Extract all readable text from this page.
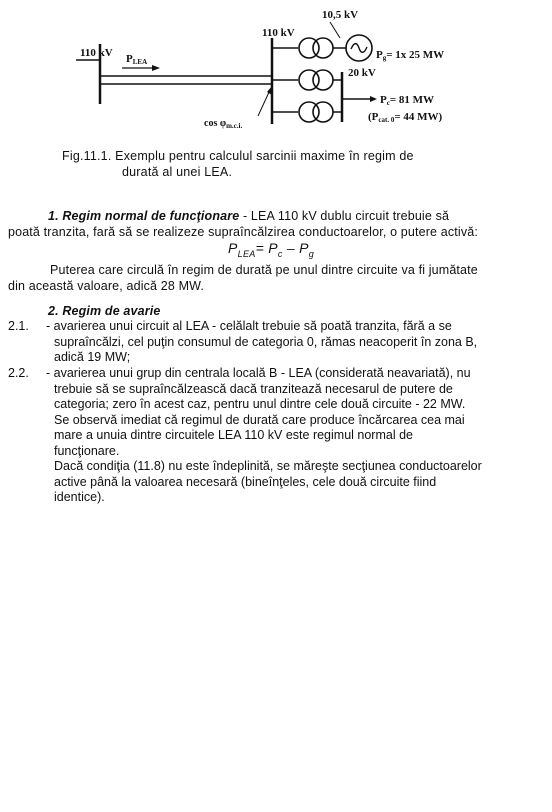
110 kV PLEA
110 kV
10,5 kV
Pg= 1x 25 MW
20 kV
Pc= 81 MW
(Pcat. 0= 44 MW)
$\cos \varphi_{m.c.i.}$
Fig.11.1. Exemplu pentru calculul sarcinii maxime în regim de
durată al unei LEA.
1. Regim normal de funcţionare - LEA 110 kV dublu circuit trebuie să
poată tranzita, fară să se realizeze supraîncălzirea conductoarelor, o putere activă:
$P_{LEA}= P_c - P_g$
Puterea care circulă în regim de durată pe unul dintre circuite va fi jumătate
din această valoare, adică 28 MW.
2. Regim de avarie
2.1. - avarierea unui circuit al LEA - celălalt trebuie să poată tranzita, fără a se
supraîncălzi, cel puţin consumul de categoria 0, rămas neacoperit în zona B,
adică 19 MW;
2.2. - avarierea unui grup din centrala locală B - LEA (considerată neavariată), nu
trebuie să se supraîncălzească dacă tranzitează necesarul de putere de
categoria; zero în acest caz, pentru unul dintre cele două circuite - 22 MW.
Se observă imediat că regimul de durată care produce încărcarea cea mai
mare a unuia dintre circuitele LEA 110 kV este regimul normal de
funcţionare.
Dacă condiţia (11.8) nu este îndeplinită, se măreşte secţiunea conductoarelor
active până la valoarea necesară (bineînţeles, cele două circuite fiind
identice).
